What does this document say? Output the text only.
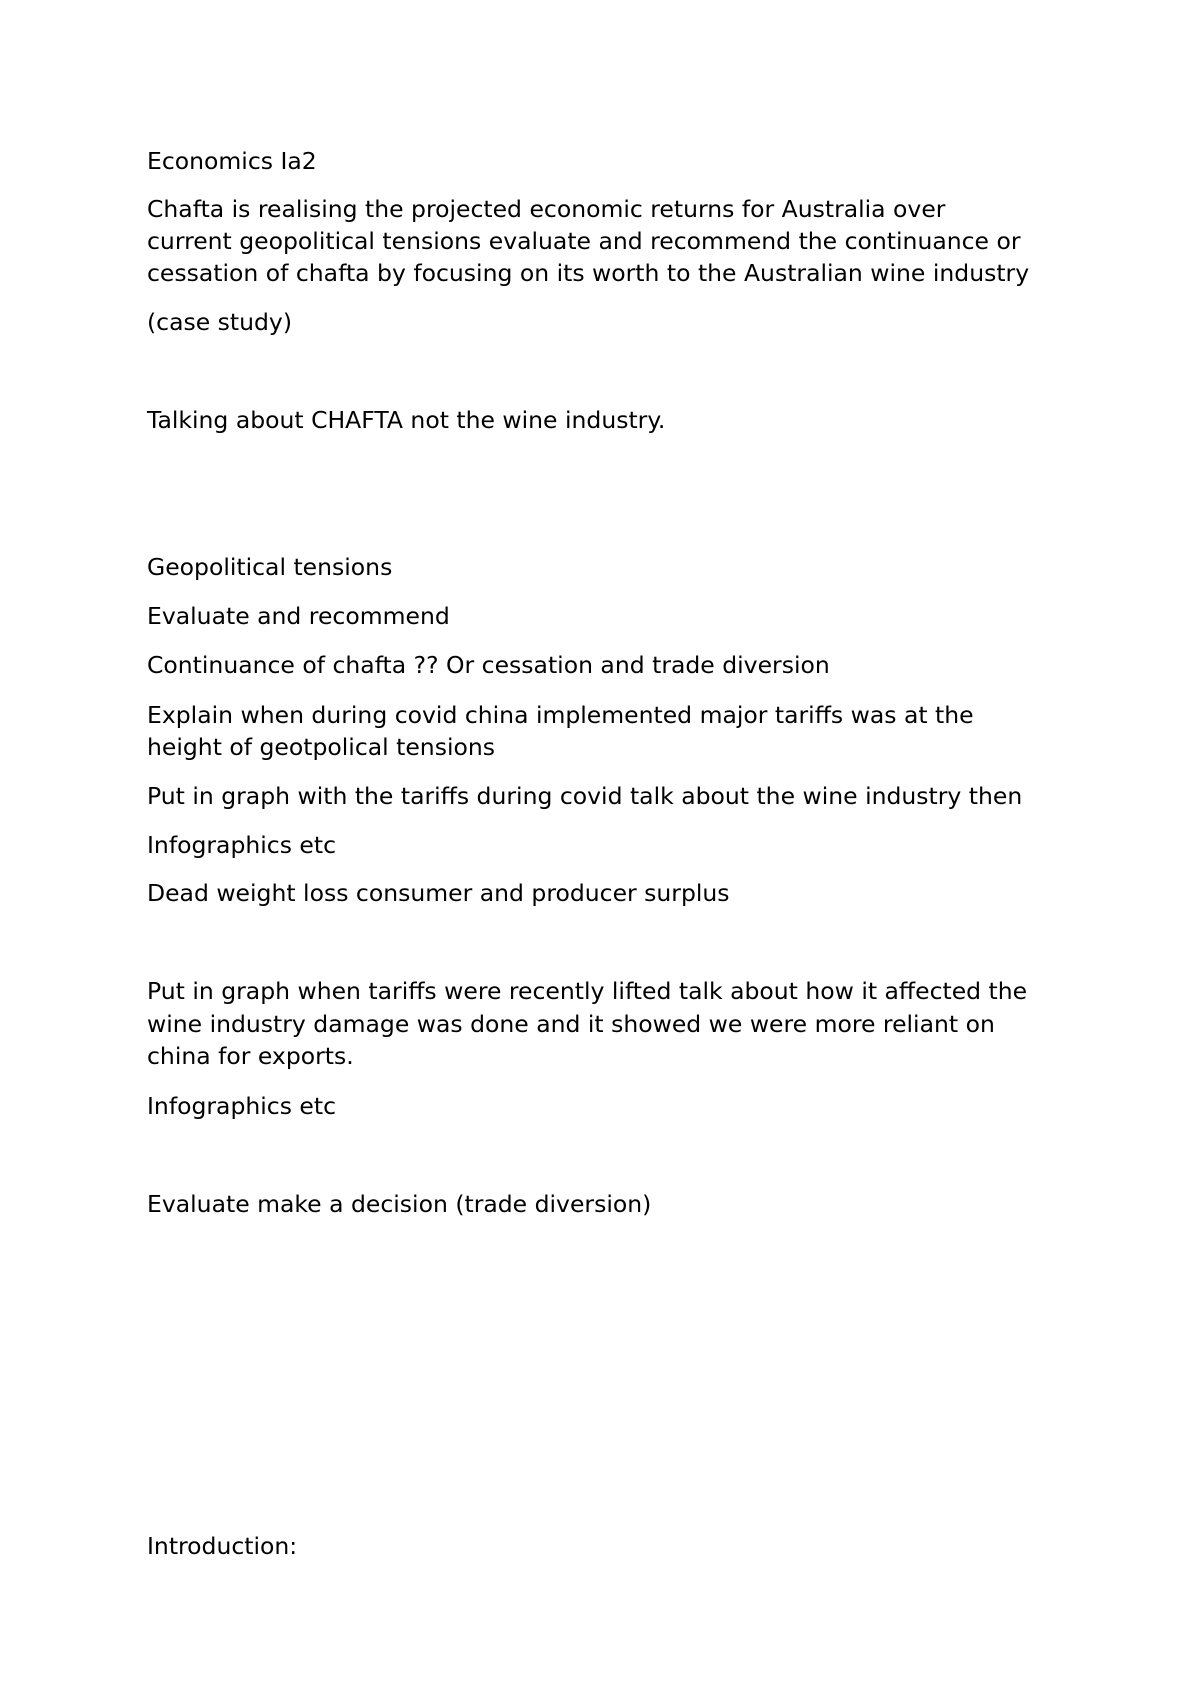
Economics Ia2

Chafta is realising the projected economic returns for Australia over

current geopolitical tensions evaluate and recommend the continuance or

cessation of chafta by focusing on its worth to the Australian wine industry

(case study)

Talking about CHAFTA not the wine industry.

Geopolitical tensions

Evaluate and recommend

Continuance of chafta ?? Or cessation and trade diversion

Explain when during covid china implemented major tariffs was at the

height of geotpolical tensions

Put in graph with the tariffs during covid talk about the wine industry then

Infographics etc

Dead weight loss consumer and producer surplus

Put in graph when tariffs were recently lifted talk about how it affected the

wine industry damage was done and it showed we were more reliant on

china for exports.

Infographics etc

Evaluate make a decision (trade diversion)

Introduction:
